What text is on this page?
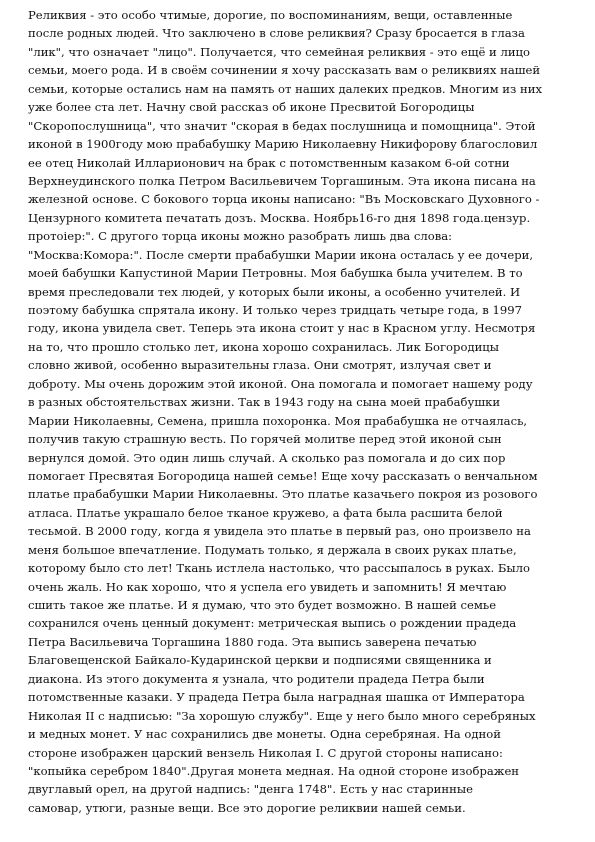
Реликвия - это особо чтимые, дорогие, по воспоминаниям, вещи, оставленные
после родных людей. Что заключено в слове реликвия? Сразу бросается в глаза
"лик", что означает "лицо". Получается, что семейная реликвия - это ещё и лицо
семьи, моего рода. И в своём сочинении я хочу рассказать вам о реликвиях нашей
семьи, которые остались нам на память от наших далеких предков. Многим из них
уже более ста лет. Начну свой рассказ об иконе Пресвитой Богородицы
"Скоропослушница", что значит "скорая в бедах послушница и помощница". Этой
иконой в 1900году мою прабабушку Марию Николаевну Никифорову благословил
ее отец Николай Илларионович на брак с потомственным казаком 6-ой сотни
Верхнеудинского полка Петром Васильевичем Торгашиным. Эта икона писана на
железной основе. С бокового торца иконы написано: "Въ Московскаго Духовного -
Цензурного комитета печатать дозъ. Москва. Ноябрь16-го дня 1898 года.цензур.
протоiер:". С другого торца иконы можно разобрать лишь два слова:
"Москва:Комора:". После смерти прабабушки Марии икона осталась у ее дочери,
моей бабушки Капустиной Марии Петровны. Моя бабушка была учителем. В то
время преследовали тех людей, у которых были иконы, а особенно учителей. И
поэтому бабушка спрятала икону. И только через тридцать четыре года, в 1997
году, икона увидела свет. Теперь эта икона стоит у нас в Красном углу. Несмотря
на то, что прошло столько лет, икона хорошо сохранилась. Лик Богородицы
словно живой, особенно выразительны глаза. Они смотрят, излучая свет и
доброту. Мы очень дорожим этой иконой. Она помогала и помогает нашему роду
в разных обстоятельствах жизни. Так в 1943 году на сына моей прабабушки
Марии Николаевны, Семена, пришла похоронка. Моя прабабушка не отчаялась,
получив такую страшную весть. По горячей молитве перед этой иконой сын
вернулся домой. Это один лишь случай. А сколько раз помогала и до сих пор
помогает Пресвятая Богородица нашей семье! Еще хочу рассказать о венчальном
платье прабабушки Марии Николаевны. Это платье казачьего покроя из розового
атласа. Платье украшало белое тканое кружево, а фата была расшита белой
тесьмой. В 2000 году, когда я увидела это платье в первый раз, оно произвело на
меня большое впечатление. Подумать только, я держала в своих руках платье,
которому было сто лет! Ткань истлела настолько, что рассыпалось в руках. Было
очень жаль. Но как хорошо, что я успела его увидеть и запомнить! Я мечтаю
сшить такое же платье. И я думаю, что это будет возможно. В нашей семье
сохранился очень ценный документ: метрическая выпись о рождении прадеда
Петра Васильевича Торгашина 1880 года. Эта выпись заверена печатью
Благовещенской Байкало-Кударинской церкви и подписями священника и
диакона. Из этого документа я узнала, что родители прадеда Петра были
потомственные казаки. У прадеда Петра была наградная шашка от Императора
Николая II с надписью: "За хорошую службу". Еще у него было много серебряных
и медных монет. У нас сохранились две монеты. Одна серебряная. На одной
стороне изображен царский вензель Николая I. С другой стороны написано:
"копыйка серебром 1840".Другая монета медная. На одной стороне изображен
двуглавый орел, на другой надпись: "денга 1748". Есть у нас старинные
самовар, утюги, разные вещи. Все это дорогие реликвии нашей семьи.
